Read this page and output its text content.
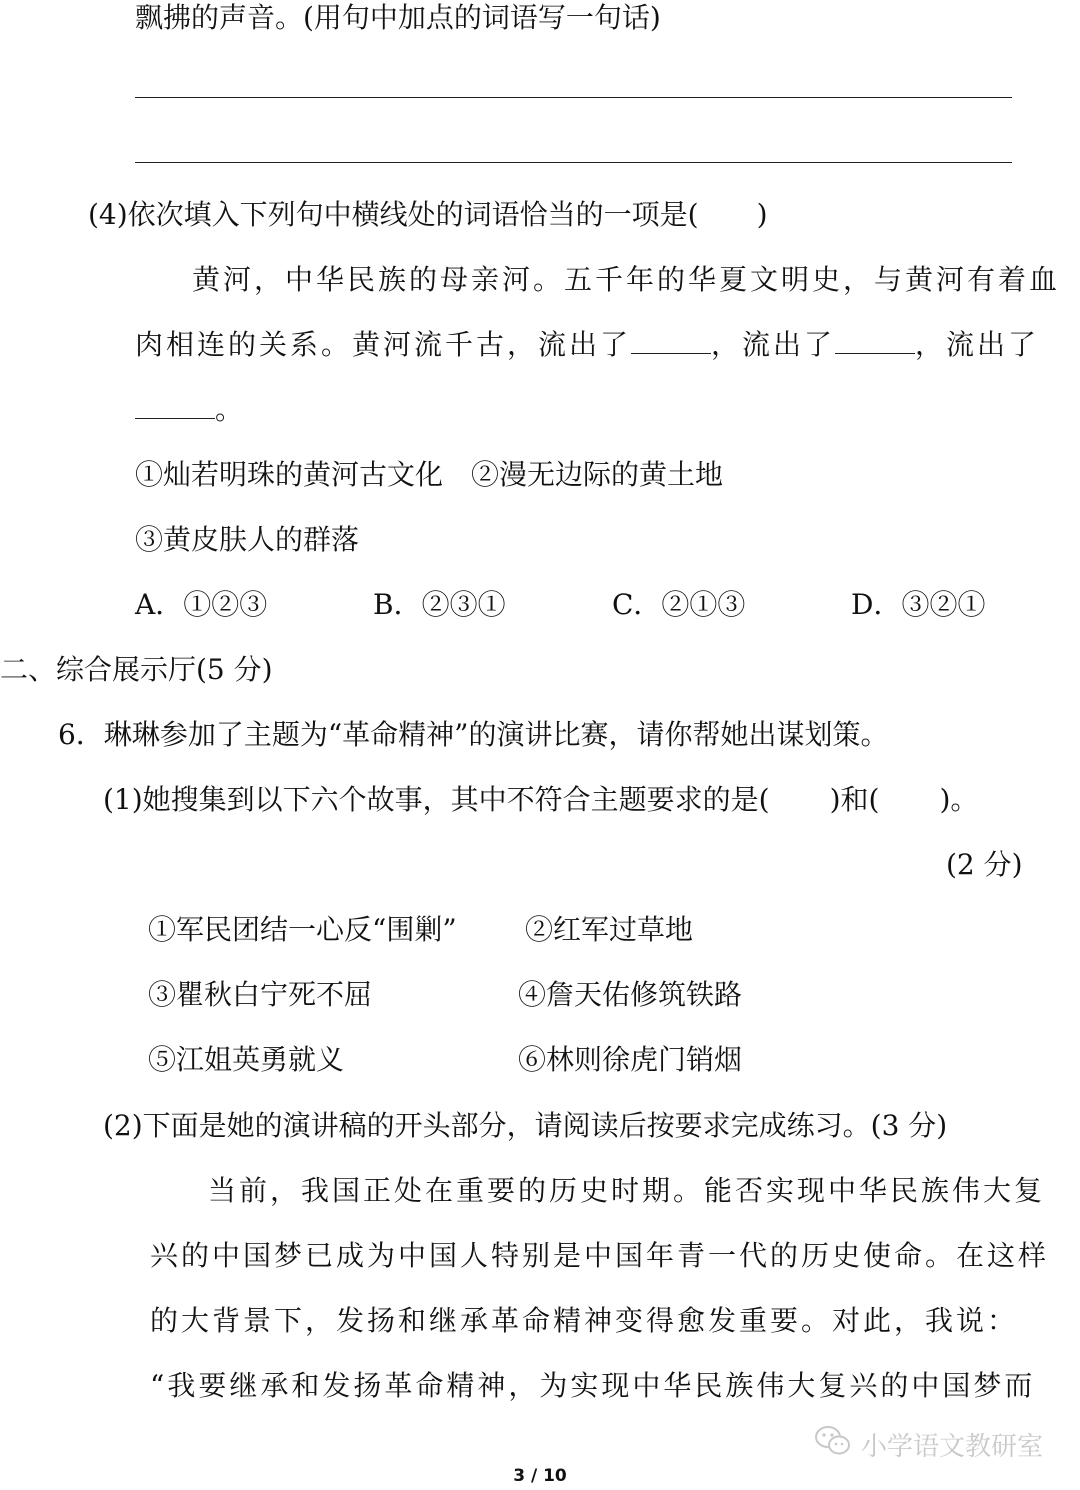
飘拂的声音。(用句中加点的词语写一句话)
(4)依次填入下列句中横线处的词语恰当的一项是( )
黄河，中华民族的母亲河。五千年的华夏文明史，与黄河有着血
肉相连的关系。黄河流千古，流出了	，流出了	，流出了
。
①灿若明珠的黄河古文化　②漫无边际的黄土地
③黄皮肤人的群落
A．①②③	B．②③①	C．②①③	D．③②①
二、综合展示厅(5 分)
6．琳琳参加了主题为“革命精神”的演讲比赛，请你帮她出谋划策。
(1)她搜集到以下六个故事，其中不符合主题要求的是( )和( )。
(2 分)
①军民团结一心反“围剿” ②红军过草地
③瞿秋白宁死不屈	④詹天佑修筑铁路
⑤江姐英勇就义	⑥林则徐虎门销烟
(2)下面是她的演讲稿的开头部分，请阅读后按要求完成练习。(3 分)
当前，我国正处在重要的历史时期。能否实现中华民族伟大复
兴的中国梦已成为中国人特别是中国年青一代的历史使命。在这样
的大背景下，发扬和继承革命精神变得愈发重要。对此，我说：
“我要继承和发扬革命精神，为实现中华民族伟大复兴的中国梦而
小学语文教研室
3 / 10
